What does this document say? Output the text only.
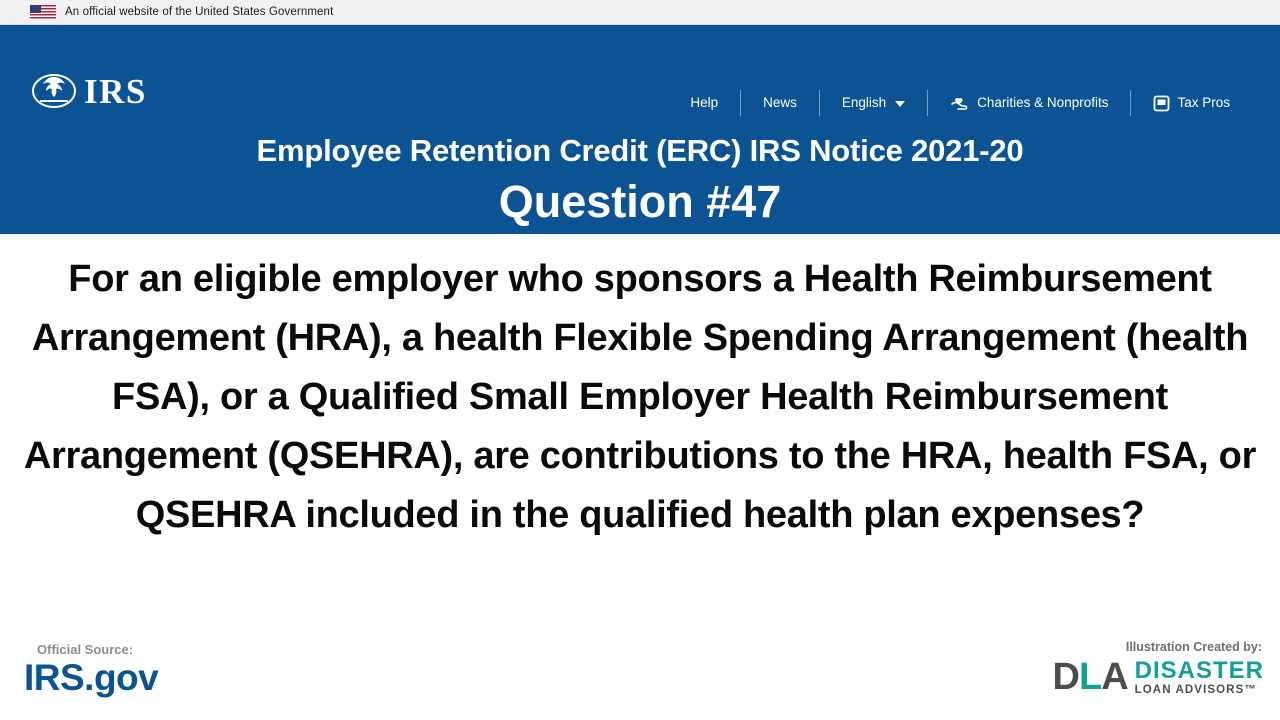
An official website of the United States Government
IRS	Help	News	English	Charities & Nonprofits	Tax Pros
Employee Retention Credit (ERC) IRS Notice 2021-20
Question #47
For an eligible employer who sponsors a Health Reimbursement Arrangement (HRA), a health Flexible Spending Arrangement (health FSA), or a Qualified Small Employer Health Reimbursement Arrangement (QSEHRA), are contributions to the HRA, health FSA, or QSEHRA included in the qualified health plan expenses?
Official Source:
IRS.gov
Illustration Created by:
DLA DISASTER
LOAN ADVISORS™
